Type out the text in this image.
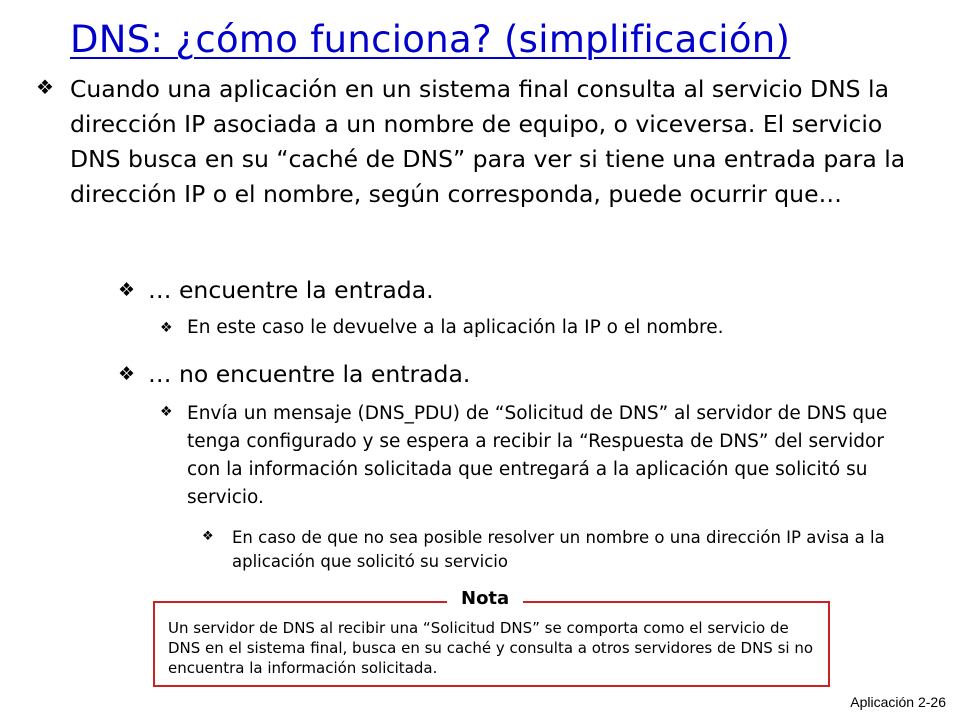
DNS: ¿cómo funciona? (simplificación)
❖ Cuando una aplicación en un sistema final consulta al servicio DNS la dirección IP asociada a un nombre de equipo, o viceversa. El servicio DNS busca en su “caché de DNS” para ver si tiene una entrada para la dirección IP o el nombre, según corresponda, puede ocurrir que…
❖ … encuentre la entrada.
❖ En este caso le devuelve a la aplicación la IP o el nombre.
❖ … no encuentre la entrada.
❖ Envía un mensaje (DNS_PDU) de “Solicitud de DNS” al servidor de DNS que tenga configurado y se espera a recibir la “Respuesta de DNS” del servidor con la información solicitada que entregará a la aplicación que solicitó su servicio.
❖	En caso de que no sea posible resolver un nombre o una dirección IP avisa a la aplicación que solicitó su servicio
Nota
Un servidor de DNS al recibir una “Solicitud DNS” se comporta como el servicio de DNS en el sistema final, busca en su caché y consulta a otros servidores de DNS si no encuentra la información solicitada.
Aplicación 2-26
